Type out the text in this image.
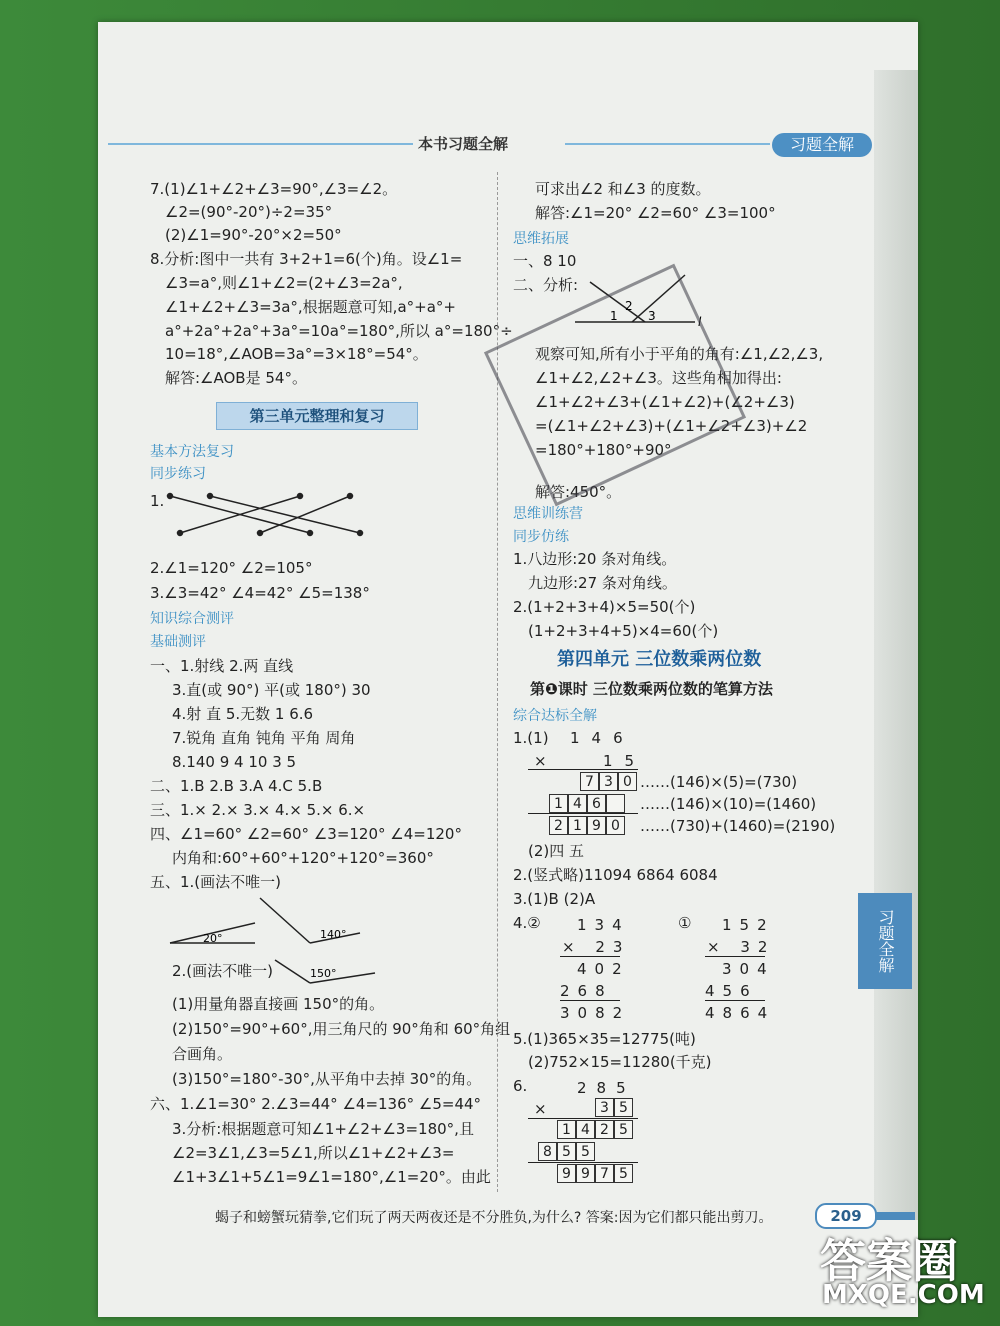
本书习题全解	习题全解
7.(1)∠1+∠2+∠3=90°,∠3=∠2。
∠2=(90°-20°)÷2=35°
(2)∠1=90°-20°×2=50°
8.分析:图中一共有 3+2+1=6(个)角。设∠1=
∠3=a°,则∠1+∠2=(2+∠3=2a°,
∠1+∠2+∠3=3a°,根据题意可知,a°+a°+
a°+2a°+2a°+3a°=10a°=180°,所以 a°=180°÷
10=18°,∠AOB=3a°=3×18°=54°。
解答:∠AOB是 54°。
第三单元整理和复习
基本方法复习
同步练习
1.
2.∠1=120° ∠2=105°
3.∠3=42° ∠4=42° ∠5=138°
知识综合测评
基础测评
一、1.射线 2.两 直线
3.直(或 90°) 平(或 180°) 30
4.射 直 5.无数 1 6.6
7.锐角 直角 钝角 平角 周角
8.140 9 4 10 3 5
二、1.B 2.B 3.A 4.C 5.B
三、1.× 2.× 3.× 4.× 5.× 6.×
四、∠1=60° ∠2=60° ∠3=120° ∠4=120°
内角和:60°+60°+120°+120°=360°
五、1.(画法不唯一)
20°	140°
2.(画法不唯一)	150°
(1)用量角器直接画 150°的角。
(2)150°=90°+60°,用三角尺的 90°角和 60°角组
合画角。
(3)150°=180°-30°,从平角中去掉 30°的角。
六、1.∠1=30° 2.∠3=44° ∠4=136° ∠5=44°
3.分析:根据题意可知∠1+∠2+∠3=180°,且
∠2=3∠1,∠3=5∠1,所以∠1+∠2+∠3=
∠1+3∠1+5∠1=9∠1=180°,∠1=20°。由此
可求出∠2 和∠3 的度数。
解答:∠1=20° ∠2=60° ∠3=100°
思维拓展
一、8 10
二、分析:
2
1	3	l
观察可知,所有小于平角的角有:∠1,∠2,∠3,
∠1+∠2,∠2+∠3。这些角相加得出:
∠1+∠2+∠3+(∠1+∠2)+(∠2+∠3)
=(∠1+∠2+∠3)+(∠1+∠2+∠3)+∠2
=180°+180°+90°
解答:450°。
思维训练营
同步仿练
1.八边形:20 条对角线。
九边形:27 条对角线。
2.(1+2+3+4)×5=50(个)
(1+2+3+4+5)×4=60(个)
第四单元 三位数乘两位数
第❶课时 三位数乘两位数的笔算方法
综合达标全解
1.(1) 146
×	15
7 3 0 ……(146)×(5)=(730)
1 4 6	……(146)×(10)=(1460)
2 1 9 0	……(730)+(1460)=(2190)
(2)四 五
2.(竖式略)11094 6864 6084
3.(1)B (2)A
4.② 134
× 23
402
268
3082
① 152
× 32
304
456
4864
5.(1)365×35=12775(吨)
(2)752×15=11280(千克)
6.	285
×	3 5
1 4 2 5
8 5 5
9 9 7 5
习题全解
蝎子和螃蟹玩猜拳,它们玩了两天两夜还是不分胜负,为什么? 答案:因为它们都只能出剪刀。	209
答案圈
MXQE.COM
